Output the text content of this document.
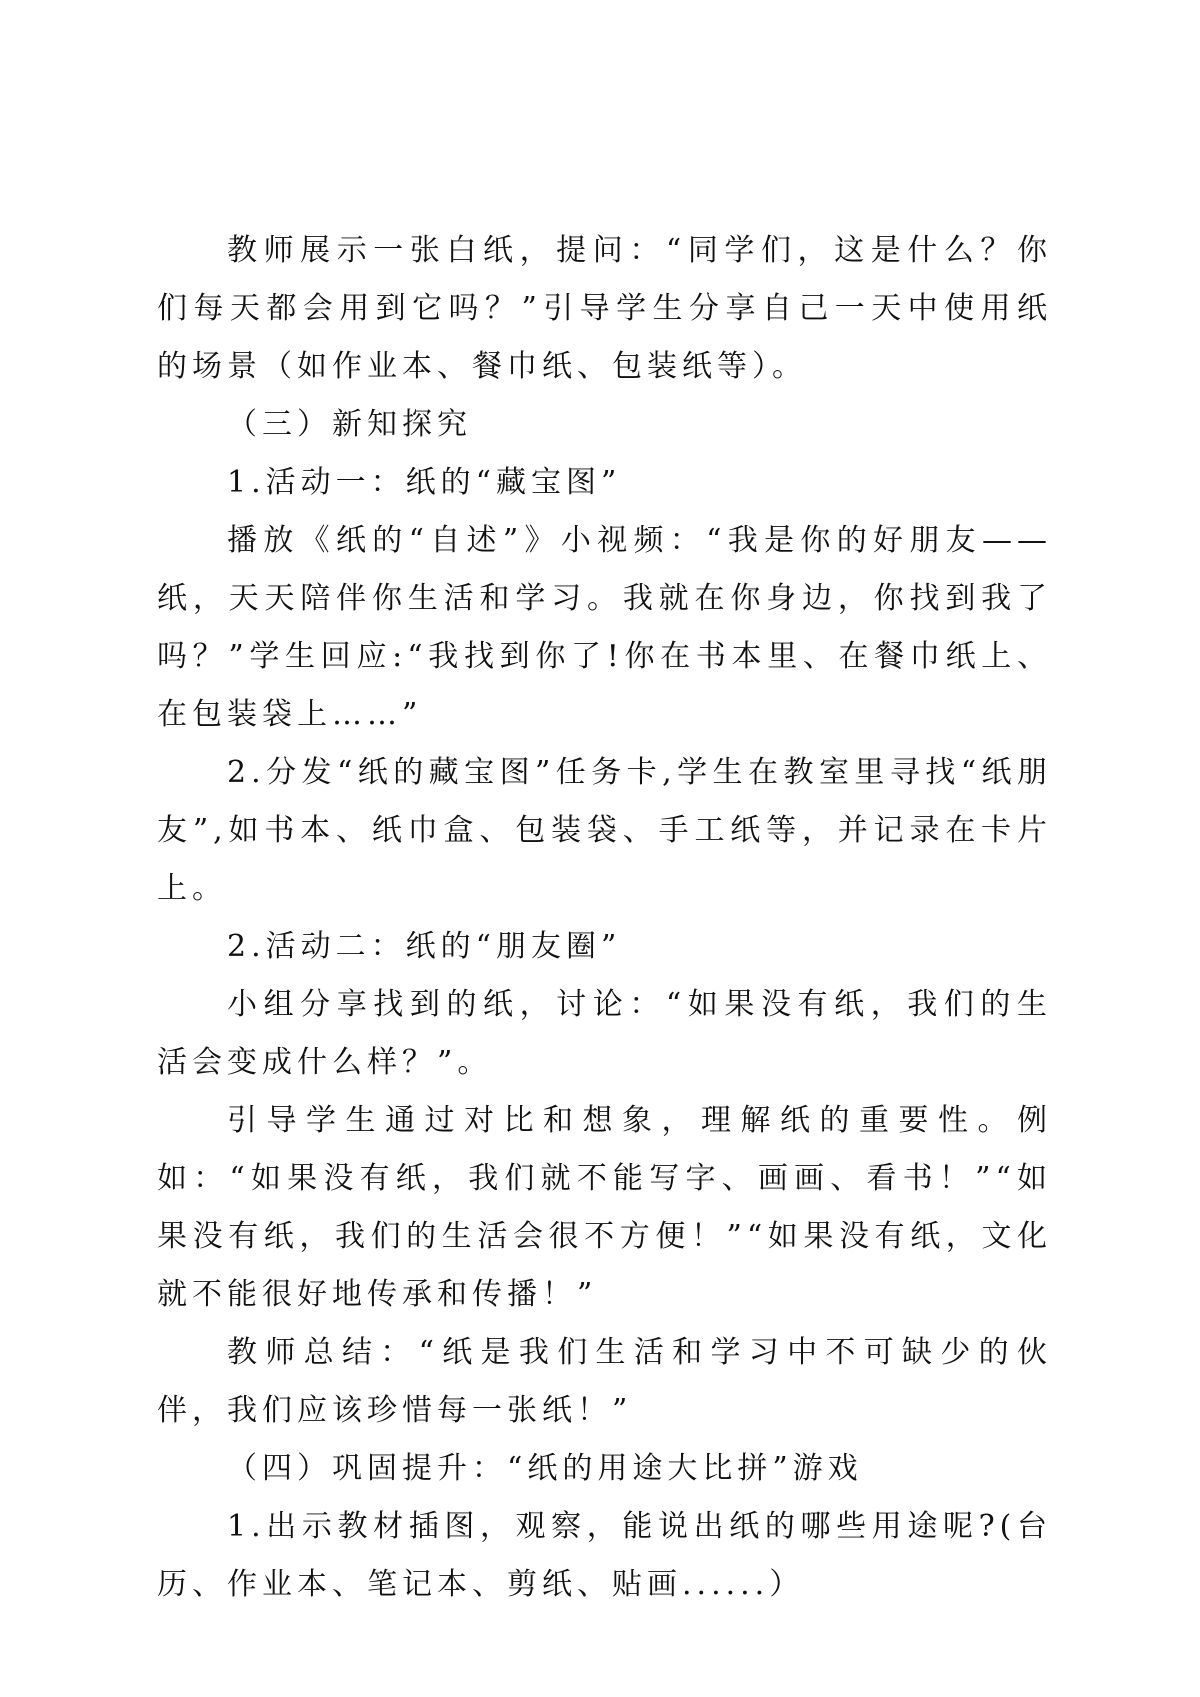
教师展示一张白纸，提问：“同学们，这是什么？你们每天都会用到它吗？”引导学生分享自己一天中使用纸的场景（如作业本、餐巾纸、包装纸等）。

（三）新知探究

1.活动一：纸的“藏宝图”

播放《纸的“自述”》小视频：“我是你的好朋友——纸，天天陪伴你生活和学习。我就在你身边，你找到我了吗？”学生回应:“我找到你了!你在书本里、在餐巾纸上、在包装袋上……”

2.分发“纸的藏宝图”任务卡,学生在教室里寻找“纸朋友”,如书本、纸巾盒、包装袋、手工纸等，并记录在卡片上。

2.活动二：纸的“朋友圈”

小组分享找到的纸，讨论：“如果没有纸，我们的生活会变成什么样？”。

引导学生通过对比和想象，理解纸的重要性。例如：“如果没有纸，我们就不能写字、画画、看书！”“如果没有纸，我们的生活会很不方便！”“如果没有纸，文化就不能很好地传承和传播！”

教师总结：“纸是我们生活和学习中不可缺少的伙伴，我们应该珍惜每一张纸！”

（四）巩固提升：“纸的用途大比拼”游戏

1.出示教材插图，观察，能说出纸的哪些用途呢?(台历、作业本、笔记本、剪纸、贴画......）
